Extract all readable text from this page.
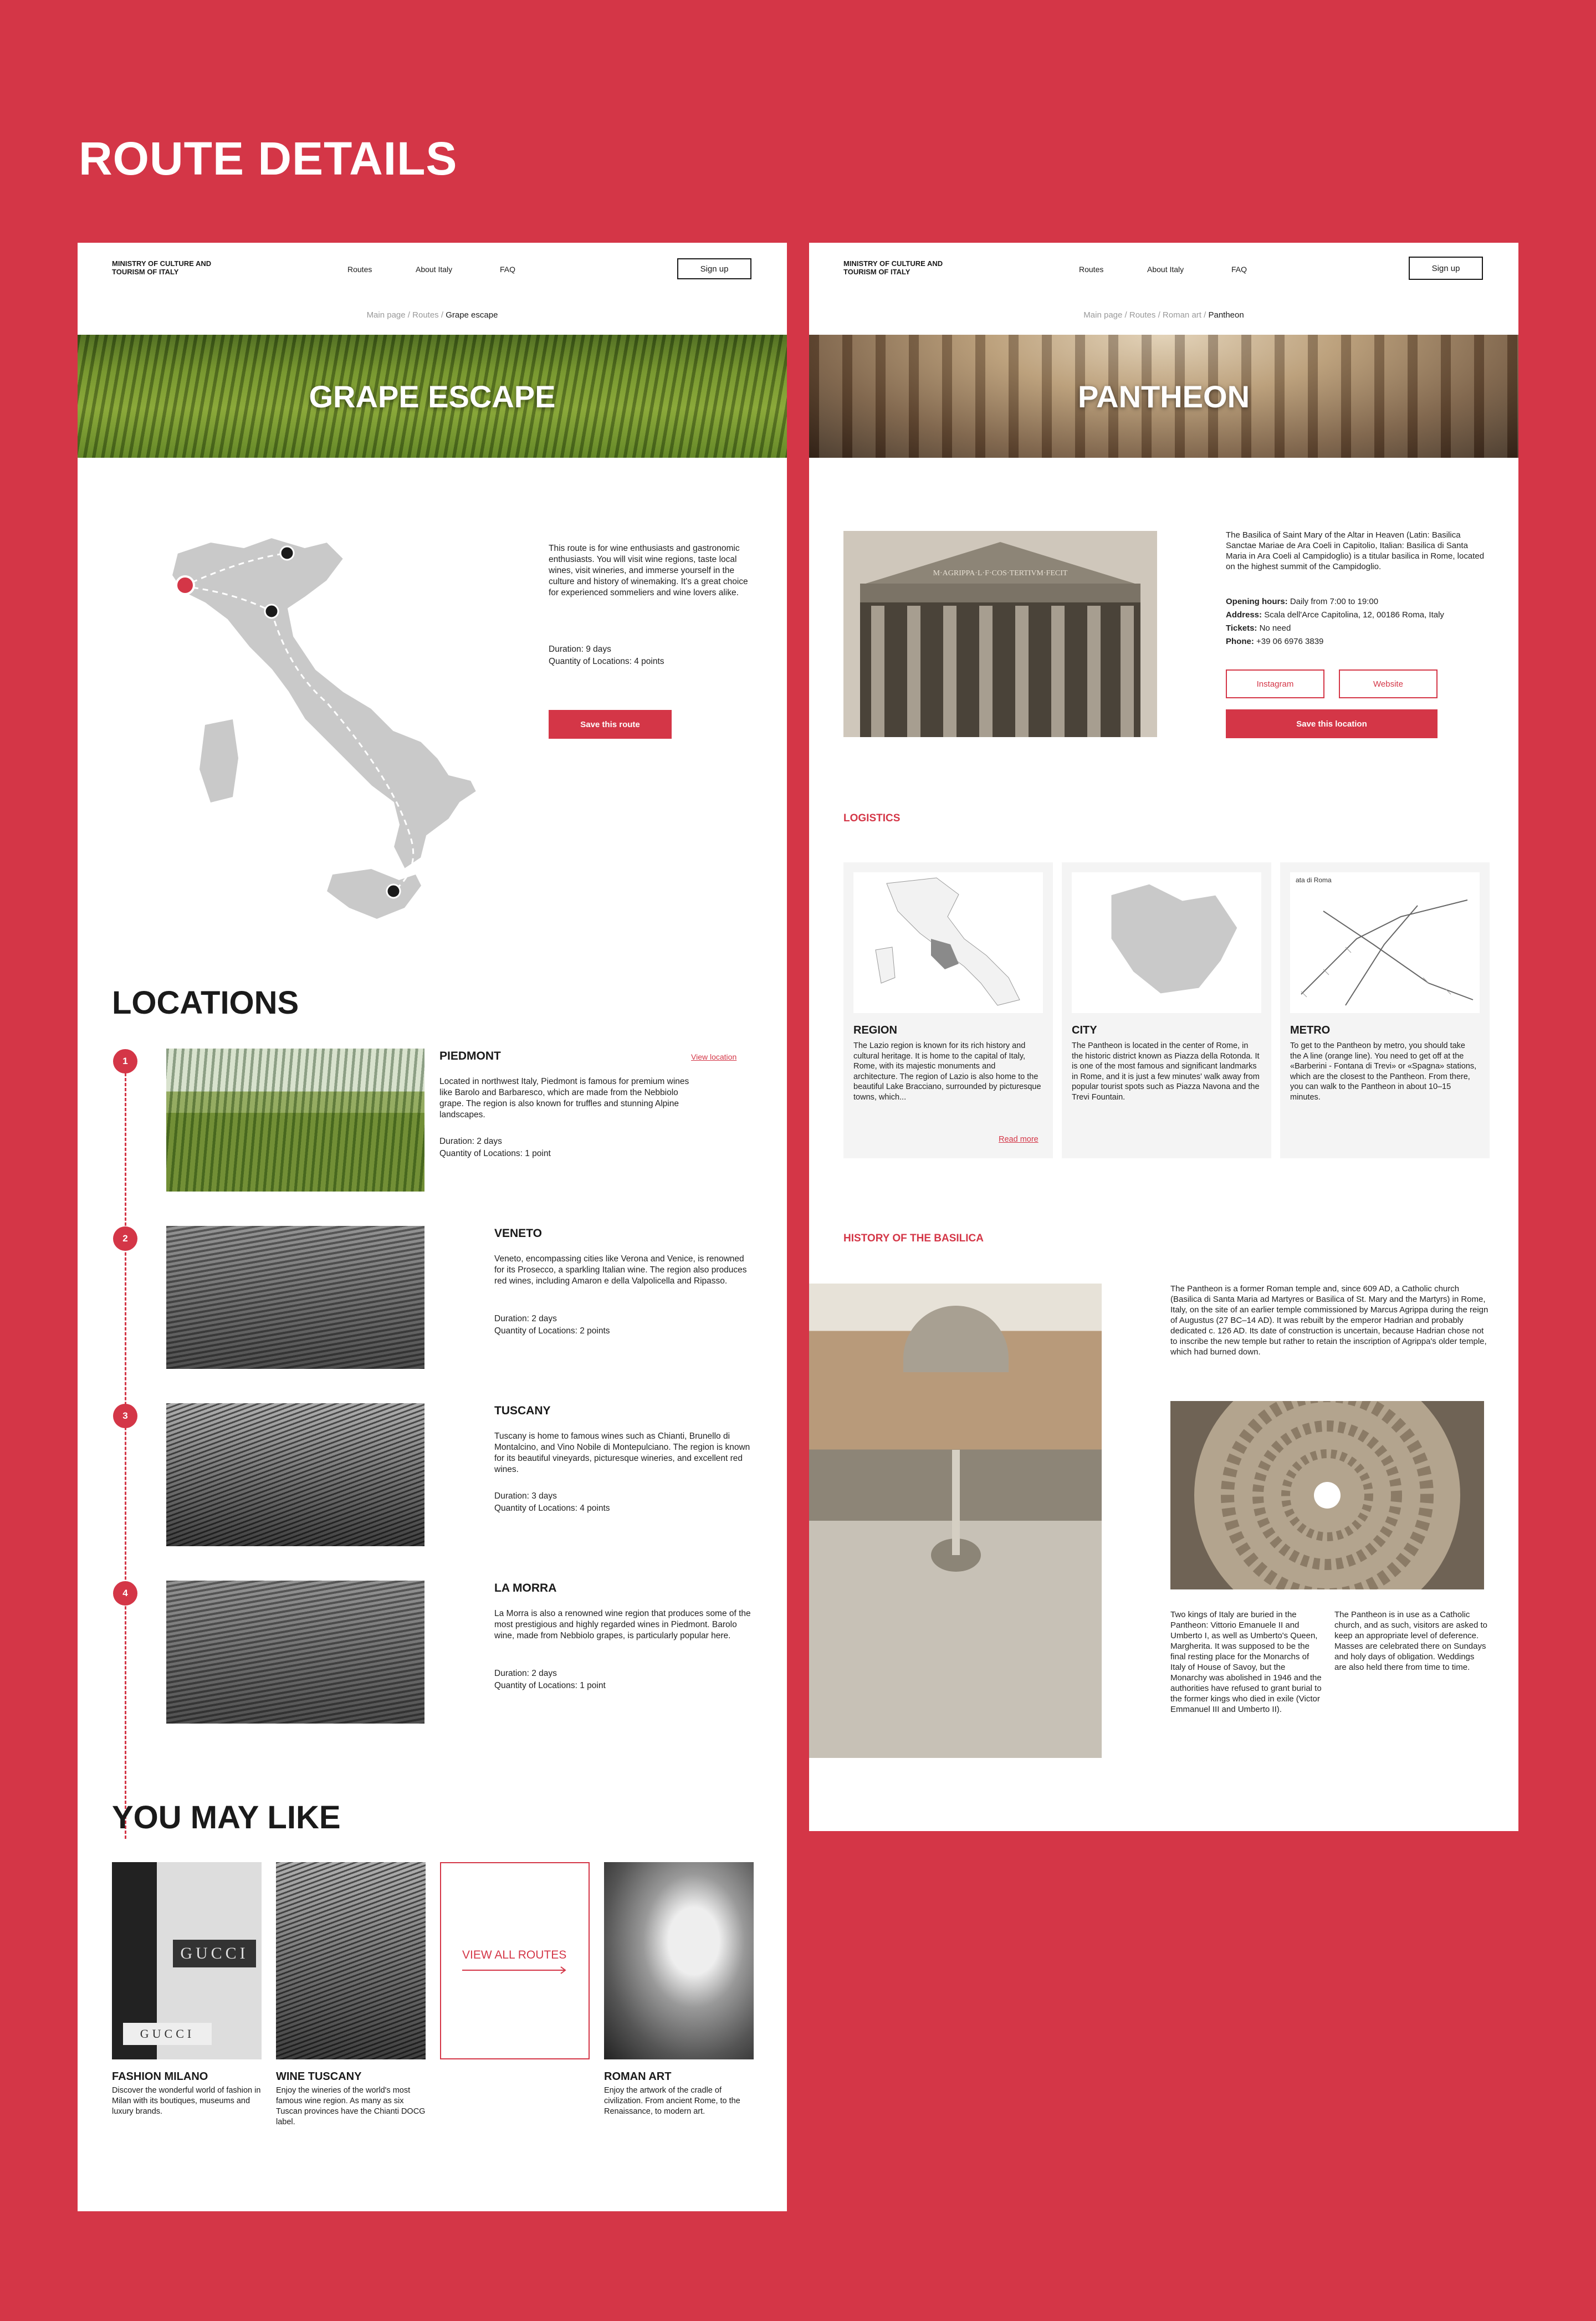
ROUTE DETAILS
MINISTRY OF CULTURE AND TOURISM OF ITALY	Routes	About Italy	FAQ	Sign up
Main page / Routes / Grape escape
GRAPE ESCAPE
This route is for wine enthusiasts and gastronomic enthusiasts. You will visit wine regions, taste local wines, visit wineries, and immerse yourself in the culture and history of winemaking. It's a great choice for experienced sommeliers and wine lovers alike.
Duration: 9 days
Quantity of Locations: 4 points
Save this route
LOCATIONS
1	PIEDMONT	View location
Located in northwest Italy, Piedmont is famous for premium wines like Barolo and Barbaresco, which are made from the Nebbiolo grape. The region is also known for truffles and stunning Alpine landscapes.
Duration: 2 days
Quantity of Locations: 1 point
2	VENETO
Veneto, encompassing cities like Verona and Venice, is renowned for its Prosecco, a sparkling Italian wine. The region also produces red wines, including Amaron e della Valpolicella and Ripasso.
Duration: 2 days
Quantity of Locations: 2 points
3	TUSCANY
Tuscany is home to famous wines such as Chianti, Brunello di Montalcino, and Vino Nobile di Montepulciano. The region is known for its beautiful vineyards, picturesque wineries, and excellent red wines.
Duration: 3 days
Quantity of Locations: 4 points
4	LA MORRA
La Morra is also a renowned wine region that produces some of the most prestigious and highly regarded wines in Piedmont. Barolo wine, made from Nebbiolo grapes, is particularly popular here.
Duration: 2 days
Quantity of Locations: 1 point
YOU MAY LIKE
GUCCI
GUCCI
FASHION MILANO
Discover the wonderful world of fashion in Milan with its boutiques, museums and luxury brands.
WINE TUSCANY
Enjoy the wineries of the world's most famous wine region. As many as six Tuscan provinces have the Chianti DOCG label.
VIEW ALL ROUTES
ROMAN ART
Enjoy the artwork of the cradle of civilization. From ancient Rome, to the Renaissance, to modern art.
MINISTRY OF CULTURE AND TOURISM OF ITALY	Routes	About Italy	FAQ	Sign up
Main page / Routes / Roman art / Pantheon
PANTHEON
M·AGRIPPA·L·F·COS·TERTIVM·FECIT
The Basilica of Saint Mary of the Altar in Heaven (Latin: Basilica Sanctae Mariae de Ara Coeli in Capitolio, Italian: Basilica di Santa Maria in Ara Coeli al Campidoglio) is a titular basilica in Rome, located on the highest summit of the Campidoglio.
Opening hours: Daily from 7:00 to 19:00
Address: Scala dell'Arce Capitolina, 12, 00186 Roma, Italy
Tickets: No need
Phone: +39 06 6976 3839
Instagram	Website
Save this location
LOGISTICS
REGION
The Lazio region is known for its rich history and cultural heritage. It is home to the capital of Italy, Rome, with its majestic monuments and architecture. The region of Lazio is also home to the beautiful Lake Bracciano, surrounded by picturesque towns, which...
Read more
CITY
The Pantheon is located in the center of Rome, in the historic district known as Piazza della Rotonda. It is one of the most famous and significant landmarks in Rome, and it is just a few minutes' walk away from popular tourist spots such as Piazza Navona and the Trevi Fountain.
ata di Roma
METRO
To get to the Pantheon by metro, you should take the A line (orange line). You need to get off at the «Barberini - Fontana di Trevi» or «Spagna» stations, which are the closest to the Pantheon. From there, you can walk to the Pantheon in about 10–15 minutes.
HISTORY OF THE BASILICA
The Pantheon is a former Roman temple and, since 609 AD, a Catholic church (Basilica di Santa Maria ad Martyres or Basilica of St. Mary and the Martyrs) in Rome, Italy, on the site of an earlier temple commissioned by Marcus Agrippa during the reign of Augustus (27 BC–14 AD). It was rebuilt by the emperor Hadrian and probably dedicated c. 126 AD. Its date of construction is uncertain, because Hadrian chose not to inscribe the new temple but rather to retain the inscription of Agrippa's older temple, which had burned down.
Two kings of Italy are buried in the Pantheon: Vittorio Emanuele II and Umberto I, as well as Umberto's Queen, Margherita. It was supposed to be the final resting place for the Monarchs of Italy of House of Savoy, but the Monarchy was abolished in 1946 and the authorities have refused to grant burial to the former kings who died in exile (Victor Emmanuel III and Umberto II).
The Pantheon is in use as a Catholic church, and as such, visitors are asked to keep an appropriate level of deference. Masses are celebrated there on Sundays and holy days of obligation. Weddings are also held there from time to time.
